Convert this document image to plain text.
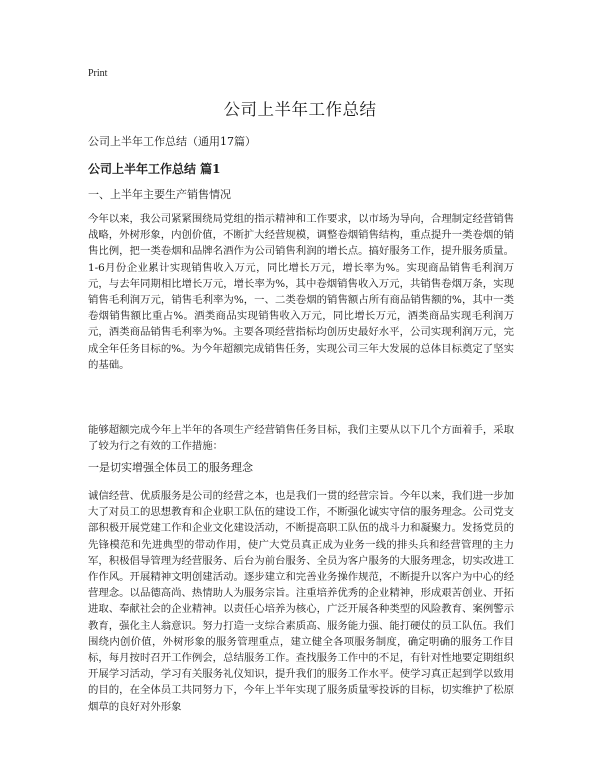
Print
公司上半年工作总结
公司上半年工作总结（通用17篇）
公司上半年工作总结 篇1
一、上半年主要生产销售情况

今年以来，我公司紧紧围绕局党组的指示精神和工作要求，以市场为导向，合理制定经营销售战略，外树形象，内创价值，不断扩大经营规模，调整卷烟销售结构，重点提升一类卷烟的销售比例，把一类卷烟和品牌名酒作为公司销售利润的增长点。搞好服务工作，提升服务质量。1-6月份企业累计实现销售收入万元，同比增长万元，增长率为%。实现商品销售毛利润万元，与去年同期相比增长万元，增长率为%，其中卷烟销售收入万元，共销售卷烟万条，实现销售毛利润万元，销售毛利率为%，一、二类卷烟的销售额占所有商品销售额的%，其中一类卷烟销售额比重占%。酒类商品实现销售收入万元，同比增长万元，酒类商品实现毛利润万元，酒类商品销售毛利率为%。主要各项经营指标均创历史最好水平，公司实现利润万元，完成全年任务目标的%。为今年超额完成销售任务，实现公司三年大发展的总体目标奠定了坚实的基础。

能够超额完成今年上半年的各项生产经营销售任务目标，我们主要从以下几个方面着手，采取了较为行之有效的工作措施：

一是切实增强全体员工的服务理念

诚信经营、优质服务是公司的经营之本，也是我们一贯的经营宗旨。今年以来，我们进一步加大了对员工的思想教育和企业职工队伍的建设工作，不断强化诚实守信的服务理念。公司党支部积极开展党建工作和企业文化建设活动，不断提高职工队伍的战斗力和凝聚力。发扬党员的先锋模范和先进典型的带动作用，使广大党员真正成为业务一线的排头兵和经营管理的主力军，积极倡导管理为经营服务、后台为前台服务、全员为客户服务的大服务理念，切实改进工作作风。开展精神文明创建活动。逐步建立和完善业务操作规范，不断提升以客户为中心的经营理念。以品德高尚、热情助人为服务宗旨。注重培养优秀的企业精神，形成艰苦创业、开拓进取、奉献社会的企业精神。以责任心培养为核心，广泛开展各种类型的风险教育、案例警示教育，强化主人翁意识。努力打造一支综合素质高、服务能力强、能打硬仗的员工队伍。我们围绕内创价值，外树形象的服务管理重点，建立健全各项服务制度，确定明确的服务工作目标，每月按时召开工作例会，总结服务工作。查找服务工作中的不足，有针对性地要定期组织开展学习活动，学习有关服务礼仪知识，提升我们的服务工作水平。使学习真正起到学以致用的目的，在全体员工共同努力下，今年上半年实现了服务质量零投诉的目标，切实维护了松原烟草的良好对外形象
